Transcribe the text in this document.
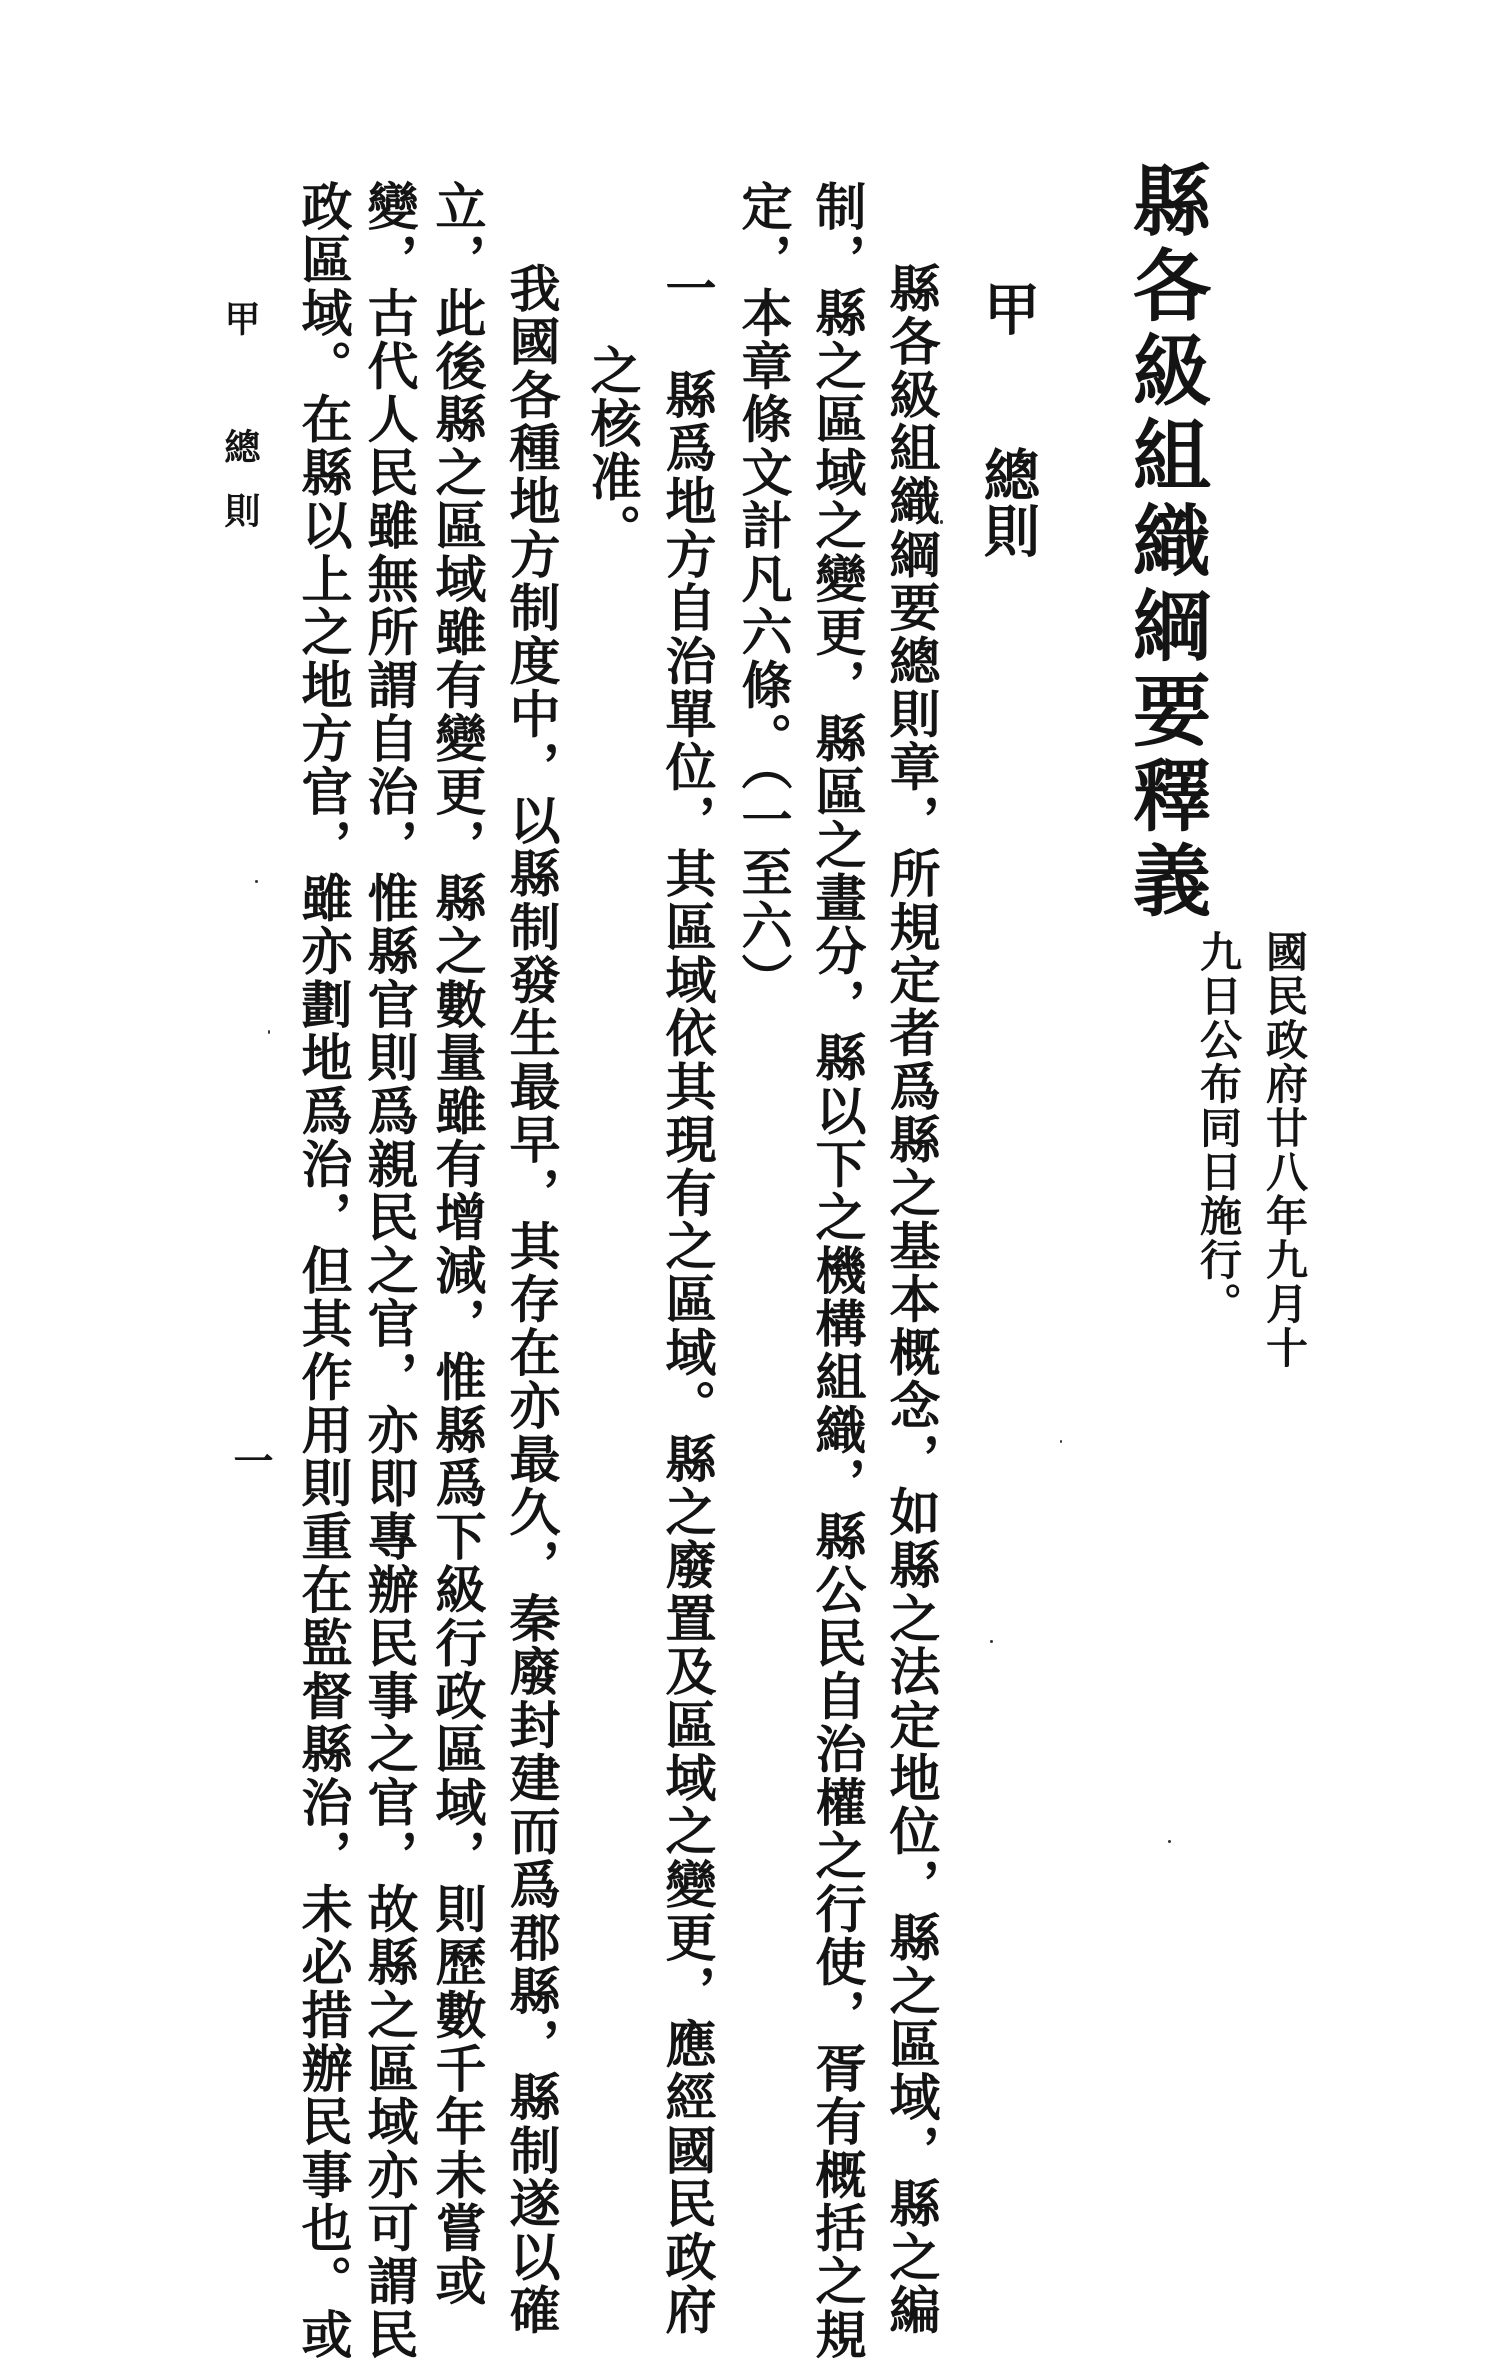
縣各級組織綱要釋義
國民政府廿八年九月十
九日公布同日施行。
甲總則

縣各級組織綱要總則章，所規定者爲縣之基本概念，如縣之法定地位，縣之區域，縣之編

制，縣之區域之變更，縣區之畫分，縣以下之機構組織，縣公民自治權之行使，胥有概括之規

定，本章條文計凡六條。（一至六）

一　縣爲地方自治單位，其區域依其現有之區域。縣之廢置及區域之變更，應經國民政府

之核准。

我國各種地方制度中，以縣制發生最早，其存在亦最久，秦廢封建而爲郡縣，縣制遂以確

立，此後縣之區域雖有變更，縣之數量雖有增減，惟縣爲下級行政區域，則歷數千年未嘗或

變，古代人民雖無所謂自治，惟縣官則爲親民之官，亦即專辦民事之官，故縣之區域亦可謂民

政區域。在縣以上之地方官，雖亦劃地爲治，但其作用則重在監督縣治，未必措辦民事也。或

甲　總則
一
